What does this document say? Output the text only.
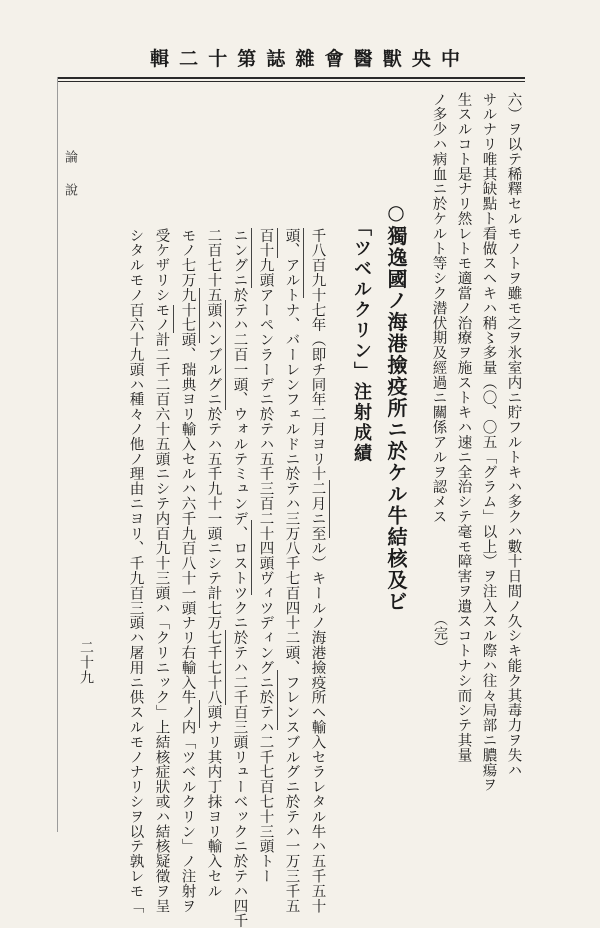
輯 二 十 第 誌 雜 會 醫 獸 央 中
論說
二十九	六）ヲ以テ稀釋セルモノトヲ雖モ之ヲ氷室内ニ貯フルトキハ多クハ數十日間ノ久シキ能ク其毒力ヲ失ハ
サルナリ唯其缺點ト看做スヘキハ稍〻多量（〇、〇五「グラム」以上）ヲ注入スル際ハ往々局部ニ膿瘍ヲ
生スルコト是ナリ然レトモ適當ノ治療ヲ施ストキハ速ニ全治シテ毫モ障害ヲ遺スコトナシ而シテ其量
ノ多少ハ病血ニ於ケルト等シク潜伏期及經過ニ關係アルヲ認メス
（完）
○獨逸國ノ海港撿疫所ニ於ケル牛結核及ビ
「ツベルクリン」注射成績
千八百九十七年（即チ同年二月ヨリ十二月ニ至ル）キールノ海港撿疫所ヘ輸入セラレタル牛ハ五千五十
頭、アルトナ、バーレンフェルドニ於テハ三万八千七百四十二頭、フレンスブルグニ於テハ一万三千五
百十九頭アーペンラーデニ於テハ五千三百二十四頭ヴィツディングニ於テハ二千七百七十三頭トー
ニングニ於テハ二百一頭、ウォルテミュンデ、ロストツクニ於テハ二千百三頭リューベックニ於テハ四千
二百七十五頭ハンブルグニ於テハ五千九十一頭ニシテ計七万七千七十八頭ナリ其内丁抹ヨリ輸入セル
モノ七万九十七頭、瑞典ヨリ輸入セルハ六千九百八十一頭ナリ右輸入牛ノ内「ツベルクリン」ノ注射ヲ
受ケザリシモノ計二千二百六十五頭ニシテ内百九十三頭ハ「クリニック」上結核症狀或ハ結核疑徵ヲ呈
シタルモノ百六十九頭ハ種々ノ他ノ理由ニヨリ、千九百三頭ハ屠用ニ供スルモノナリシヲ以テ孰レモ「
